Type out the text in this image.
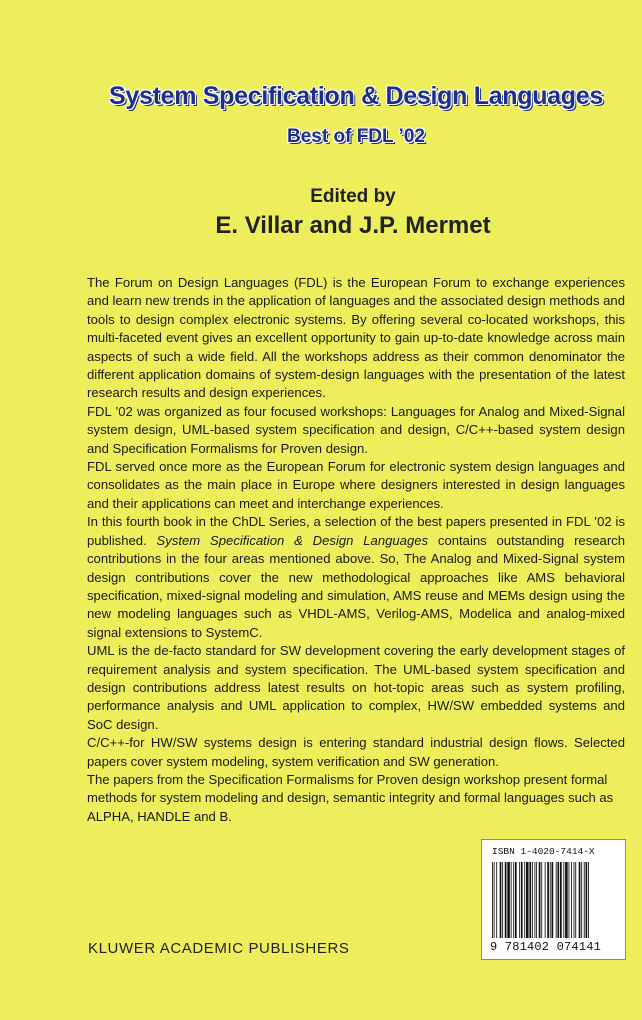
System Specification & Design Languages
Best of FDL ’02
Edited by
E. Villar and J.P. Mermet

The Forum on Design Languages (FDL) is the European Forum to exchange experiences and learn new trends in the application of languages and the associated design methods and tools to design complex electronic systems. By offering several co-located workshops, this multi-faceted event gives an excellent opportunity to gain up-to-date knowledge across main aspects of such a wide field. All the workshops address as their common denominator the different application domains of system-design languages with the presentation of the latest research results and design experiences.

FDL ’02 was organized as four focused workshops: Languages for Analog and Mixed-Signal system design, UML-based system specification and design, C/C++-based system design and Specification Formalisms for Proven design.

FDL served once more as the European Forum for electronic system design languages and consolidates as the main place in Europe where designers interested in design languages and their applications can meet and interchange experiences.

In this fourth book in the ChDL Series, a selection of the best papers presented in FDL ’02 is published. System Specification & Design Languages contains outstanding research contributions in the four areas mentioned above. So, The Analog and Mixed-Signal system design contributions cover the new methodological approaches like AMS behavioral specification, mixed-signal modeling and simulation, AMS reuse and MEMs design using the new modeling languages such as VHDL-AMS, Verilog-AMS, Modelica and analog-mixed signal extensions to SystemC.

UML is the de-facto standard for SW development covering the early development stages of requirement analysis and system specification. The UML-based system specification and design contributions address latest results on hot-topic areas such as system profiling, performance analysis and UML application to complex, HW/SW embedded systems and SoC design.

C/C++-for HW/SW systems design is entering standard industrial design flows. Selected papers cover system modeling, system verification and SW generation.

The papers from the Specification Formalisms for Proven design workshop present formal methods for system modeling and design, semantic integrity and formal languages such as ALPHA, HANDLE and B.

ISBN 1-4020-7414-X
9 781402 074141
KLUWER ACADEMIC PUBLISHERS
